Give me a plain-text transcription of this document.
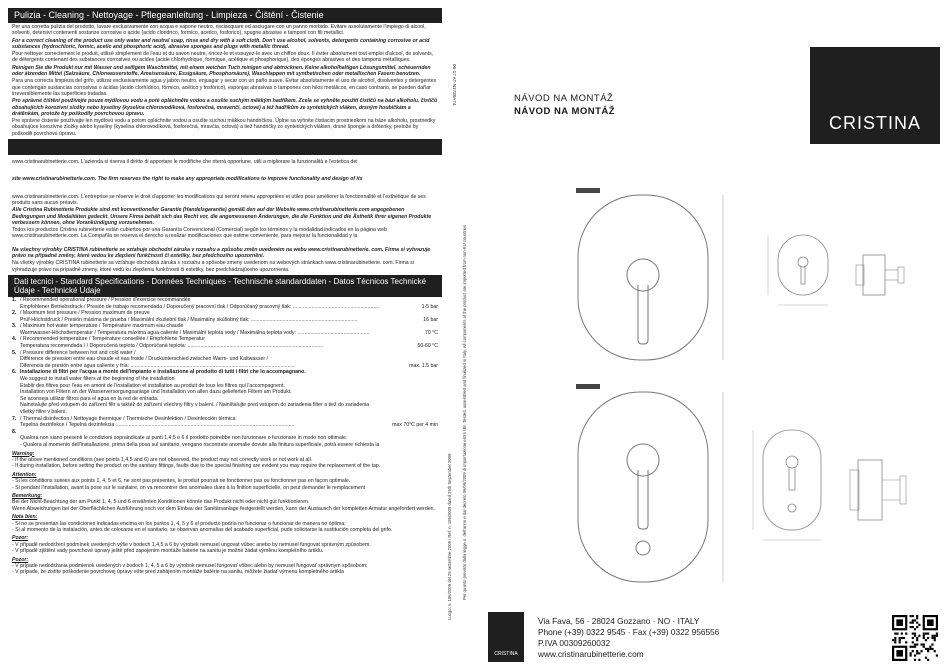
Pulizia - Cleaning - Nettoyage - Pflegeanleitung - Limpieza - Čištění - Čistenie

Per una corretta pulizia del prodotto, lavare esclusivamente con acqua e sapone neutro, risciacquare ed asciugare con un panno morbido. Evitare assolutamente l'impiego di alcool, solventi, detersivi contenenti sostanze corrosive o acide (acido cloridrico, formico, acetico, fosforico), spugne abrasive e tamponi con fili metallici.

For a correct cleaning of the product use only water and neutral soap, rinse and dry with a soft cloth. Don't use alcohol, solvents, detergents containing corrosive or acid substances (hydrochloric, formic, acetic and phosphoric acid), abrasive sponges and plugs with metallic thread.

Pour nettoyer correctement le produit, utilisé simplement de l'eau et du savon neutre, rincez-le et essuyez-le avec un chiffon doux. Il éviter absolument tout emploi d'alcool, de solvants, de détergents contenant des substances corrosives ou acides (acide chlorhydrique, formique, acétique et phosphorique), des éponges abrasives et des tampons métalliques.

Reinigen Sie die Produkt nur mit Wasser und seifigem Waschmittel, mit einem weichen Tuch reinigen und abtrocknen. Keine alkoholhaltigen Lösungsmittel, scheuernden oder ätzenden Mittel (Salzsäure, Chlorwasserstoffe, Ameisensäure, Essigsäure, Phosphorsäure), Waschlappen mit synthetischen oder metallischen Fasern benutzen.

Para una correcta limpieza del grifo, utilizar exclusivamente agua y jabón neutro, enjuagar y secar con un paño suave. Evitar absolutamente el uso de alcohol, disolventes y detergentes que contengan sustancias corrosivas o ácidas (ácido clorhídrico, fórmico, acético y fosfórico), esponjas abrasivas o tampones con hilos metálicos, en caso contrario, se pueden dañar irreversiblemente las superficies tratadas.

Pro správné čištění používejte pouze mýdlovou vodu a poté opláchněte vodou a osušte suchým měkkým hadříkem. Zcela se vyhněte použití čističů na bázi alkoholu, čističů obsahujících korozivní složky nebo kyseliny (kyselina chlorovodíková, fosforečná, mravenčí, octové) a též hadříkům ze syntetických vláken, drsným houbičkám a drátěnkám, protože by poškodily povrchovou úpravu.

Pre správne čistenie používajte len mydlovú vodu a potom opláchnite vodou a osušte suchou mäkkou handričkou. Úplne sa vyhnite čistiacim prostriedkom na báze alkoholu, prostriedky obsahujúce korozívne zložky alebo kyseliny (kyselina chlorovodíková, fosforečná, mravčia, octová) a tiež handričky zo syntetických vlákien, drsné špongie a drôtenky, pretože by poškodili povrchovú úpravu.

www.cristinarubinetterie.com. L'azienda si riserva il diritto di apportare le modifiche che riterrà opportune, utili a migliorare la funzionalità e l'estetica dei

site www.cristinarubinetterie.com. The firm reserves the right to make any appropriate modifications to improve functionality and design of its

www.cristinarubinetterie.com. L'entreprise se réserve le droit d'apporter les modifications qui seront retenu appropriées et utiles pour améliorer la fonctionnalité et l'esthétique de ses produits sans aucun préavis.

Alle Cristina Rubinetterie Produkte sind mit konventioneller Garantie (Handelsgarantie) gemäß den auf der Website www.cristinarubinetterie.com angegebenen Bedingungen und Modalitäten gedeckt. Unsere Firma behält sich das Recht vor, die angemessenen Änderungen, die die Funktion und die Ästhetik ihrer eigenen Produkte verbessern können, ohne Vorankündigung vorzunehmen.

Todos los productos Cristina rubinetterie están cubiertos por una Garantía Convencional (Comercial) según los términos y la modalidad indicados en la página web www.cristinarubinetterie.com. La Compañía se reserva el derecho a realizar modificaciones que estime conveniente, para mejorar la funcionalidad y la

Na všechny výrobky CRISTINA rubinetterie se vztahuje obchodní záruka v rozsahu a způsobu změn uvedeném na webu www.cristinarubinetterie. com. Firma si vyhrazuje právo na případné změny, které vedou ke zlepšení funkčnosti či estetiky, bez předchozího upozornění.

Na všetky výrobky CRISTINA rubinetterie sa vzťahuje obchodná záruka v rozsahu a spôsobe zmeny uvedenom na webových stránkach www.cristinarubinetterie. com. Firma si vyhradzuje právo na prípadné zmeny, ktoré vedú ku zlepšeniu funkčnosti či estetiky, bez predchádzajúceho upozornenia.

Dati tecnici - Standard Specifications - Données Techniques - Technische standarddaten - Datos Técnicos Technické Údaje - Technické Údaje
1. / Recommended operational pressure / Pression d'exercice recommandée
Empfohlener Betriebsdruck / Presión de trabajo recomendada / Doporučený pracovní tlak / Odporúčaný pracovný tlak: ............................................................	1-5 bar
2. / Maximum test pressure / Pression maximum de preuve
Prüf-Höchstdruck / Presión máxima de prueba / Maximální zkušební tlak / Maximálny skúšobný tlak: ..........................................................................	16 bar
3. / Maximum hot water temperature / Température maximum eau chaude
Warmwasser-Höchsttemperatur / Temperatura máxima agua caliente / Maximální teplota vody / Maximálna teplota vody: ..................................................	70 °C
4. / Recommended temperature / Température conseillée / Empfohlene Temperatur
Temperatura recomendada / / Doporučená teplota / Odporúčaná teplota: ..............................................................................................	50-60 °C
5. / Pressure difference between hot and cold water /
Différence de pression entre eau chaude et eau froide / Druckunterschied zwischen Warm- und Kaltwasser /
Diferencia de presión entre agua caliente y fría: ..................................................................................................................	max. 1.5 bar
6. Installazione di filtri per l'acqua a monte dell'impianto e installazione al prodotto di tutti i filtri che lo accompagnano.
We suggest to install water filters at the beginning of the installation
Etablir des filtres pour l'eau en amont de l'installation et installation au produit de tous les filtres qui l'accompagnent.
Installation von Filtern an der Wasserversorgungsanlage und Installation von allen dazu gelieferten Filtern am Produkt.
Se aconseja utilizar filtros para el agua en la red de entrada.
Nainstalujte před vstupem do zařízení filtr a taktéž do zařízení všechny filtry v balení. / Nainštalujte pred vstupom do zariadenia filter a tiež do zariadenia
všetky filtre v balení.
7. / Thermal disinfection / Nettoyage thermique / Thermische Desinfektion / Desinfección térmica
Tepelná dezinfekce / Tepelná dezinfekcia ............................................................................................................................	max 70°C per 4 min
8.
Qualora non siano presenti le condizioni sopraindicate ai punti 1,4,5 e 6 il prodotto potrebbe non funzionare o funzionare in modo non ottimale.
- Qualora al momento dell'installazione, prima della posa sul sanitario, vengano riscontrate anomalie dovute alla finitura superficiale, potrà essere richiesta la
Warning:
- If the above mentioned conditions (see points 1,4,5 and 6) are not observed, the product may not correctly work or not work at all.
- If during installation, before setting the product on the sanitary fittings, faults due to the special finishing are evident you may require the replacement of the tap.
Attention:
- Si les conditions suivies aux points 1, 4, 5 et 6, ne sont pas présentes, le produit pourrait ne fonctionner pas ou fonctionner pas en façon optimale.
- Si pendant l'installation, avant la pose sur le sanitaire, on va rencontrer des anomalies dues à la finition superficielle, on peut demander le remplacement
Bemerkung:
Bei der Nicht-Beachtung der am Punkt 1, 4, 5 und 6 erwähnten Konditionen könnte das Produkt nicht oder nicht gut funktionieren.
Wenn Abweichungen bei der Oberflächlichen Ausführung noch vor dem Einbau der Sanitärsanlage festgestellt werden, kann der Austausch der kompletten Armatur angefordert werden.
Nota bien:
- Si no se presentan las condiciones indicadas encima en los puntos 1, 4, 5 y 6 el producto podría no funcionar o funcionar de manera no óptima;
- Si al momento de la instalación, antes de colocarse en el sanitario, se observan anomalías del acabado superficial, pude solicitarse la sustitución completa del grifo.
Pozor:
- V případě nedodržení podmínek uvedených výše v bodech 1,4,5 a 6 by výrobek nemusel ungovat vůbec anebo by nemusel fungovat správným způsobem.
- V případě zjištění vady povrchové úpravy ještě před zapojením montáže baterie na sanitu je možné žádat výměnu kompletního artiklu.
Pozor:
- V prípade nedodržania podmienok uvedených v bodoch 1, 4, 5 a 6 by výrobok nemusel fungovať vôbec alebo by nemusel fungovať správnym spôsobom;
- V prípade, že zistíte poškodenie povrchovej úpravy ešte pred zahájením montáže batérie na sanitu, môžete žiadať výmenu kompletného artikla
06-17 AT-N1738A74
Luogo: n. 186/2009 del 25 settembre 2009 / Ref. n. 186/2009 dated 25th September 2009 Per quanto previsto dalla legge n. dell'anno e dal decreto 06/09/2009 di importazione entro UE. Tested, assembled and finalized in Italy. All components of the product are imported from non-EU countries
CRISTINA
NÁVOD NA MONTÁŽ
NÁVOD NA MONTÁŽ
CRISTINA
Via Fava, 56 · 28024 Gozzano · NO · ITALY
Phone (+39) 0322 9545 · Fax (+39) 0322 956556
P.IVA 00309260032
www.cristinarubinetterie.com
